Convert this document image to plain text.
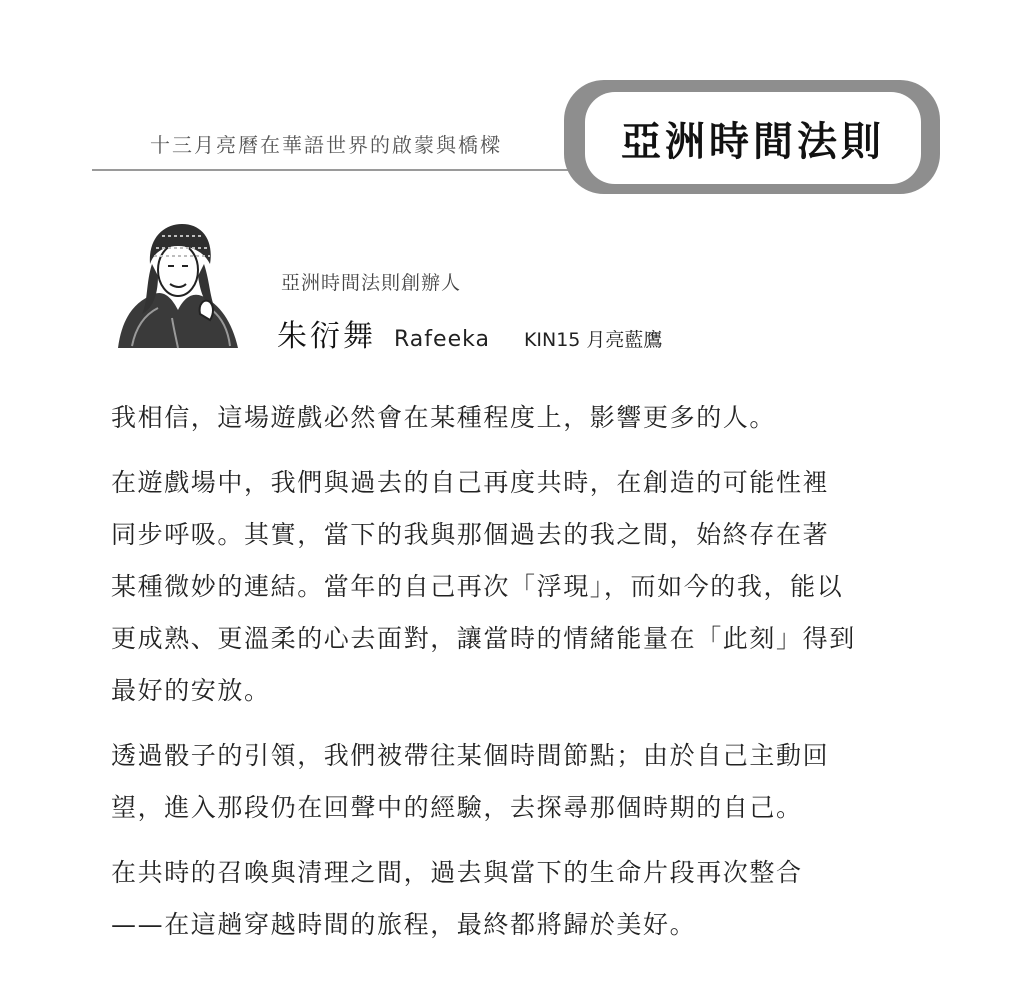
十三月亮曆在華語世界的啟蒙與橋樑	亞洲時間法則
亞洲時間法則創辦人
朱衍舞 Rafeeka KIN15 月亮藍鷹

我相信，這場遊戲必然會在某種程度上，影響更多的人。

在遊戲場中，我們與過去的自己再度共時，在創造的可能性裡
同步呼吸。其實，當下的我與那個過去的我之間，始終存在著
某種微妙的連結。當年的自己再次「浮現」，而如今的我，能以
更成熟、更溫柔的心去面對，讓當時的情緒能量在「此刻」得到
最好的安放。

透過骰子的引領，我們被帶往某個時間節點；由於自己主動回
望，進入那段仍在回聲中的經驗，去探尋那個時期的自己。

在共時的召喚與清理之間，過去與當下的生命片段再次整合
——在這趟穿越時間的旅程，最終都將歸於美好。
